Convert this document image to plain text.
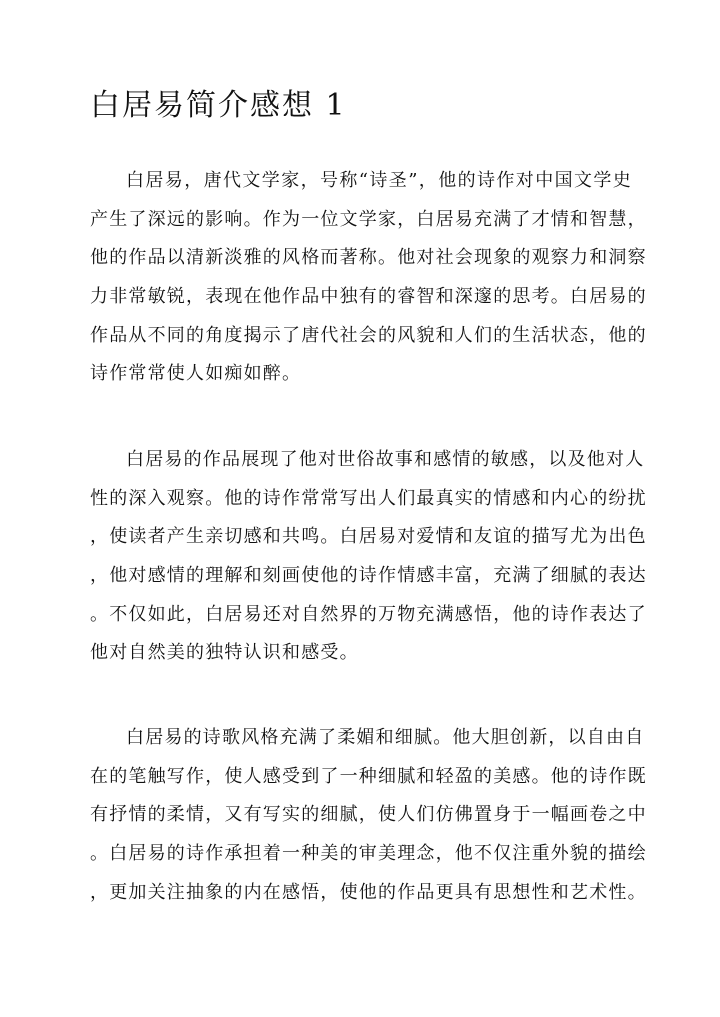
白居易简介感想 1
白居易，唐代文学家，号称“诗圣”，他的诗作对中国文学史
产生了深远的影响。作为一位文学家，白居易充满了才情和智慧，
他的作品以清新淡雅的风格而著称。他对社会现象的观察力和洞察
力非常敏锐，表现在他作品中独有的睿智和深邃的思考。白居易的
作品从不同的角度揭示了唐代社会的风貌和人们的生活状态，他的
诗作常常使人如痴如醉。
白居易的作品展现了他对世俗故事和感情的敏感，以及他对人
性的深入观察。他的诗作常常写出人们最真实的情感和内心的纷扰
，使读者产生亲切感和共鸣。白居易对爱情和友谊的描写尤为出色
，他对感情的理解和刻画使他的诗作情感丰富，充满了细腻的表达
。不仅如此，白居易还对自然界的万物充满感悟，他的诗作表达了
他对自然美的独特认识和感受。
白居易的诗歌风格充满了柔媚和细腻。他大胆创新，以自由自
在的笔触写作，使人感受到了一种细腻和轻盈的美感。他的诗作既
有抒情的柔情，又有写实的细腻，使人们仿佛置身于一幅画卷之中
。白居易的诗作承担着一种美的审美理念，他不仅注重外貌的描绘
，更加关注抽象的内在感悟，使他的作品更具有思想性和艺术性。
